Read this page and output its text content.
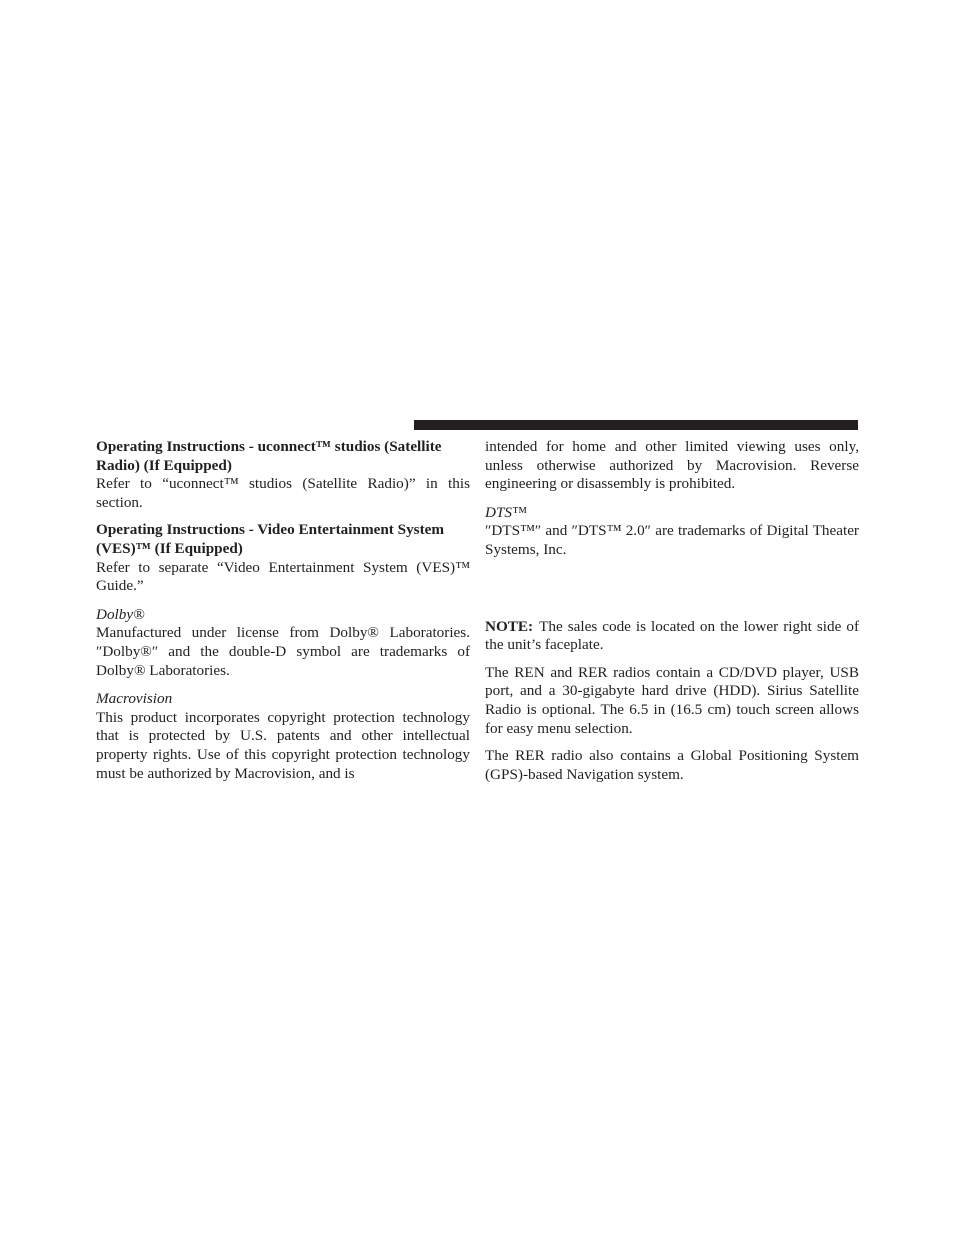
Operating Instructions - uconnect™ studios (Satellite Radio) (If Equipped)

Refer to “uconnect™ studios (Satellite Radio)” in this section.

Operating Instructions - Video Entertainment System (VES)™ (If Equipped)

Refer to separate “Video Entertainment System (VES)™ Guide.”

Dolby®

Manufactured under license from Dolby® Laboratories. ″Dolby®″ and the double-D symbol are trademarks of Dolby® Laboratories.

Macrovision

This product incorporates copyright protection technology that is protected by U.S. patents and other intellectual property rights. Use of this copyright protection technology must be authorized by Macrovision, and is

intended for home and other limited viewing uses only, unless otherwise authorized by Macrovision. Reverse engineering or disassembly is prohibited.

DTS™

″DTS™″ and ″DTS™ 2.0″ are trademarks of Digital Theater Systems, Inc.

NOTE: The sales code is located on the lower right side of the unit’s faceplate.

The REN and RER radios contain a CD/DVD player, USB port, and a 30-gigabyte hard drive (HDD). Sirius Satellite Radio is optional. The 6.5 in (16.5 cm) touch screen allows for easy menu selection.

The RER radio also contains a Global Positioning System (GPS)-based Navigation system.
